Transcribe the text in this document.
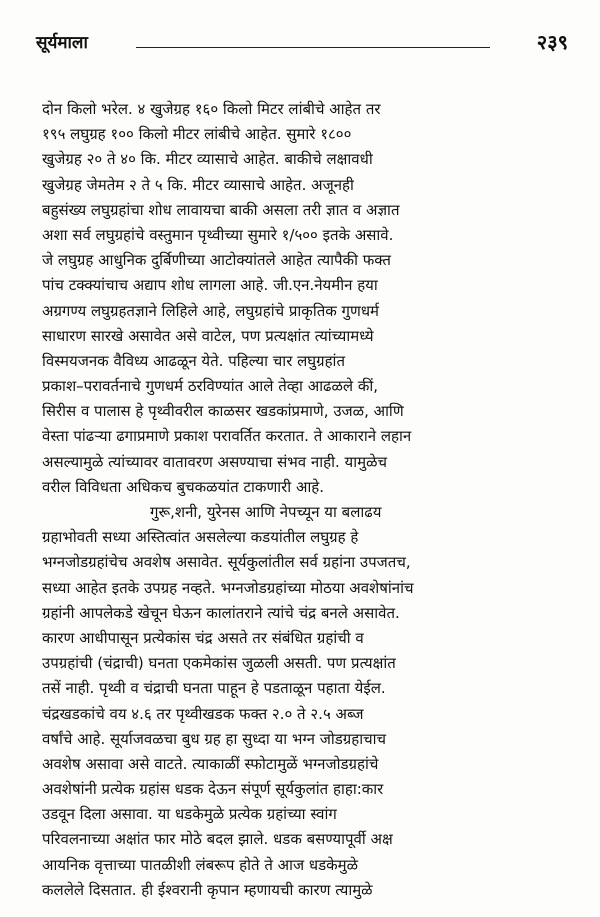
सूर्यमाला	२३९
दोन किलो भरेल. ४ खुजेग्रह १६० किलो मिटर लांबीचे आहेत तर
१९५ लघुग्रह १०० किलो मीटर लांबीचे आहेत. सुमारे १८००
खुजेग्रह २० ते ४० कि. मीटर व्यासाचे आहेत. बाकीचे लक्षावधी
खुजेग्रह जेमतेम २ ते ५ कि. मीटर व्यासाचे आहेत. अजूनही
बहुसंख्य लघुग्रहांचा शोध लावायचा बाकी असला तरी ज्ञात व अज्ञात
अशा सर्व लघुग्रहांचे वस्तुमान पृथ्वीच्या सुमारे १/५०० इतके असावे.
जे लघुग्रह आधुनिक दुर्बिणीच्या आटोक्यांतले आहेत त्यापैकी फक्त
पांच टक्क्यांचाच अद्याप शोध लागला आहे. जी.एन.नेयमीन हया
अग्रगण्य लघुग्रहतज्ञाने लिहिले आहे, लघुग्रहांचे प्राकृतिक गुणधर्म
साधारण सारखे असावेत असे वाटेल, पण प्रत्यक्षांत त्यांच्यामध्ये
विस्मयजनक वैविध्य आढळून येते. पहिल्या चार लघुग्रहांत
प्रकाश–परावर्तनाचे गुणधर्म ठरविण्यांत आले तेव्हा आढळले कीं,
सिरीस व पालास हे पृथ्वीवरील काळसर खडकांप्रमाणे, उजळ, आणि
वेस्ता पांढऱ्या ढगाप्रमाणे प्रकाश परावर्तित करतात. ते आकाराने लहान
असल्यामुळे त्यांच्यावर वातावरण असण्याचा संभव नाही. यामुळेच
वरील विविधता अधिकच बुचकळयांत टाकणारी आहे.
गुरू,शनी, युरेनस आणि नेपच्यून या बलाढय
ग्रहाभोवती सध्या अस्तित्वांत असलेल्या कडयांतील लघुग्रह हे
भग्नजोडग्रहांचेच अवशेष असावेत. सूर्यकुलांतील सर्व ग्रहांना उपजतच,
सध्या आहेत इतके उपग्रह नव्हते. भग्नजोडग्रहांच्या मोठया अवशेषांनांच
ग्रहांनी आपलेकडे खेचून घेऊन कालांतराने त्यांचे चंद्र बनले असावेत.
कारण आधीपासून प्रत्येकांस चंद्र असते तर संबंधित ग्रहांची व
उपग्रहांची (चंद्राची) घनता एकमेकांस जुळली असती. पण प्रत्यक्षांत
तसें नाही. पृथ्वी व चंद्राची घनता पाहून हे पडताळून पहाता येईल.
चंद्रखडकांचे वय ४.६ तर पृथ्वीखडक फक्त २.० ते २.५ अब्ज
वर्षांचे आहे. सूर्याजवळचा बुध ग्रह हा सुध्दा या भग्न जोडग्रहाचाच
अवशेष असावा असे वाटते. त्याकाळीं स्फोटामुळें भग्नजोडग्रहांचे
अवशेषांनी प्रत्येक ग्रहांस धडक देऊन संपूर्ण सूर्यकुलांत हाहा:कार
उडवून दिला असावा. या धडकेमुळे प्रत्येक ग्रहांच्या स्वांग
परिवलनाच्या अक्षांत फार मोठे बदल झाले. धडक बसण्यापूर्वी अक्ष
आयनिक वृत्ताच्या पातळीशी लंबरूप होते ते आज धडकेमुळे
कललेले दिसतात. ही ईश्वरानी कृपान म्हणायची कारण त्यामुळे
